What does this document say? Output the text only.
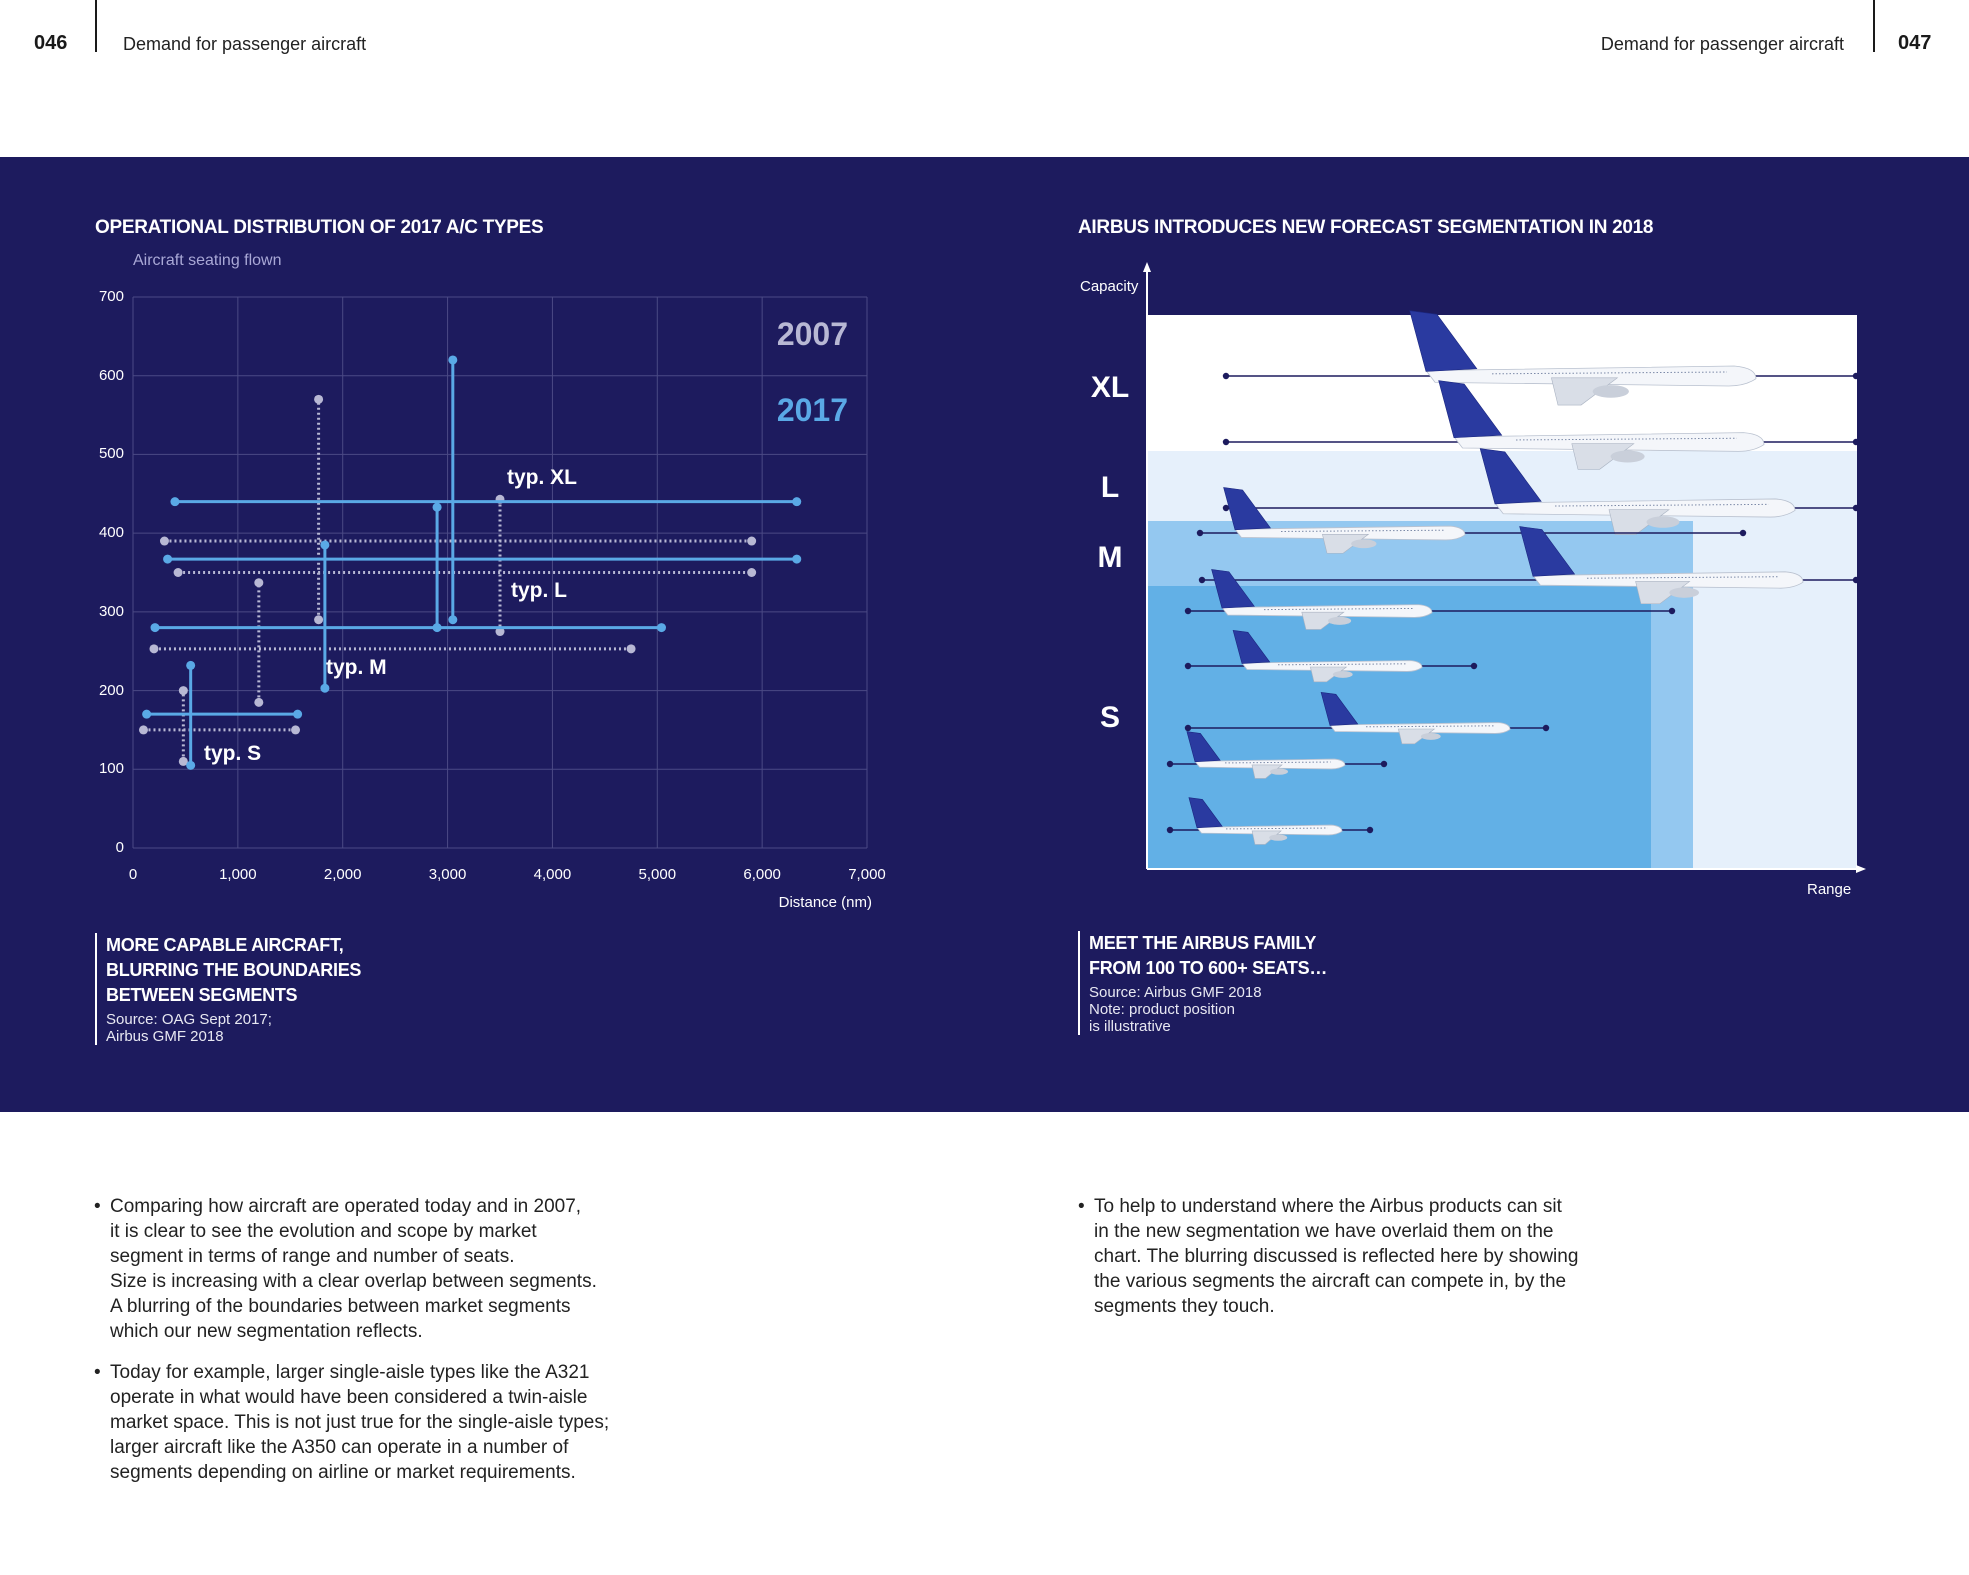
046	Demand for passenger aircraft	Demand for passenger aircraft	047
OPERATIONAL DISTRIBUTION OF 2017 A/C TYPES
Aircraft seating flown
0
100
200
300
400
500
600
700
0	1,000	2,000	3,000	4,000	5,000	6,000	7,000
typ. XL
typ. L
typ. M
typ. S
2007
2017
Distance (nm)
MORE CAPABLE AIRCRAFT,
BLURRING THE BOUNDARIES
BETWEEN SEGMENTS
Source: OAG Sept 2017;
Airbus GMF 2018
AIRBUS INTRODUCES NEW FORECAST SEGMENTATION IN 2018
Capacity
Range
XL
L
M
S
MEET THE AIRBUS FAMILY
FROM 100 TO 600+ SEATS…
Source: Airbus GMF 2018
Note: product position
is illustrative
• Comparing how aircraft are operated today and in 2007,
it is clear to see the evolution and scope by market
segment in terms of range and number of seats.
Size is increasing with a clear overlap between segments.
A blurring of the boundaries between market segments
which our new segmentation reflects.
• Today for example, larger single-aisle types like the A321
operate in what would have been considered a twin-aisle
market space. This is not just true for the single-aisle types;
larger aircraft like the A350 can operate in a number of
segments depending on airline or market requirements.
• To help to understand where the Airbus products can sit
in the new segmentation we have overlaid them on the
chart. The blurring discussed is reflected here by showing
the various segments the aircraft can compete in, by the
segments they touch.
